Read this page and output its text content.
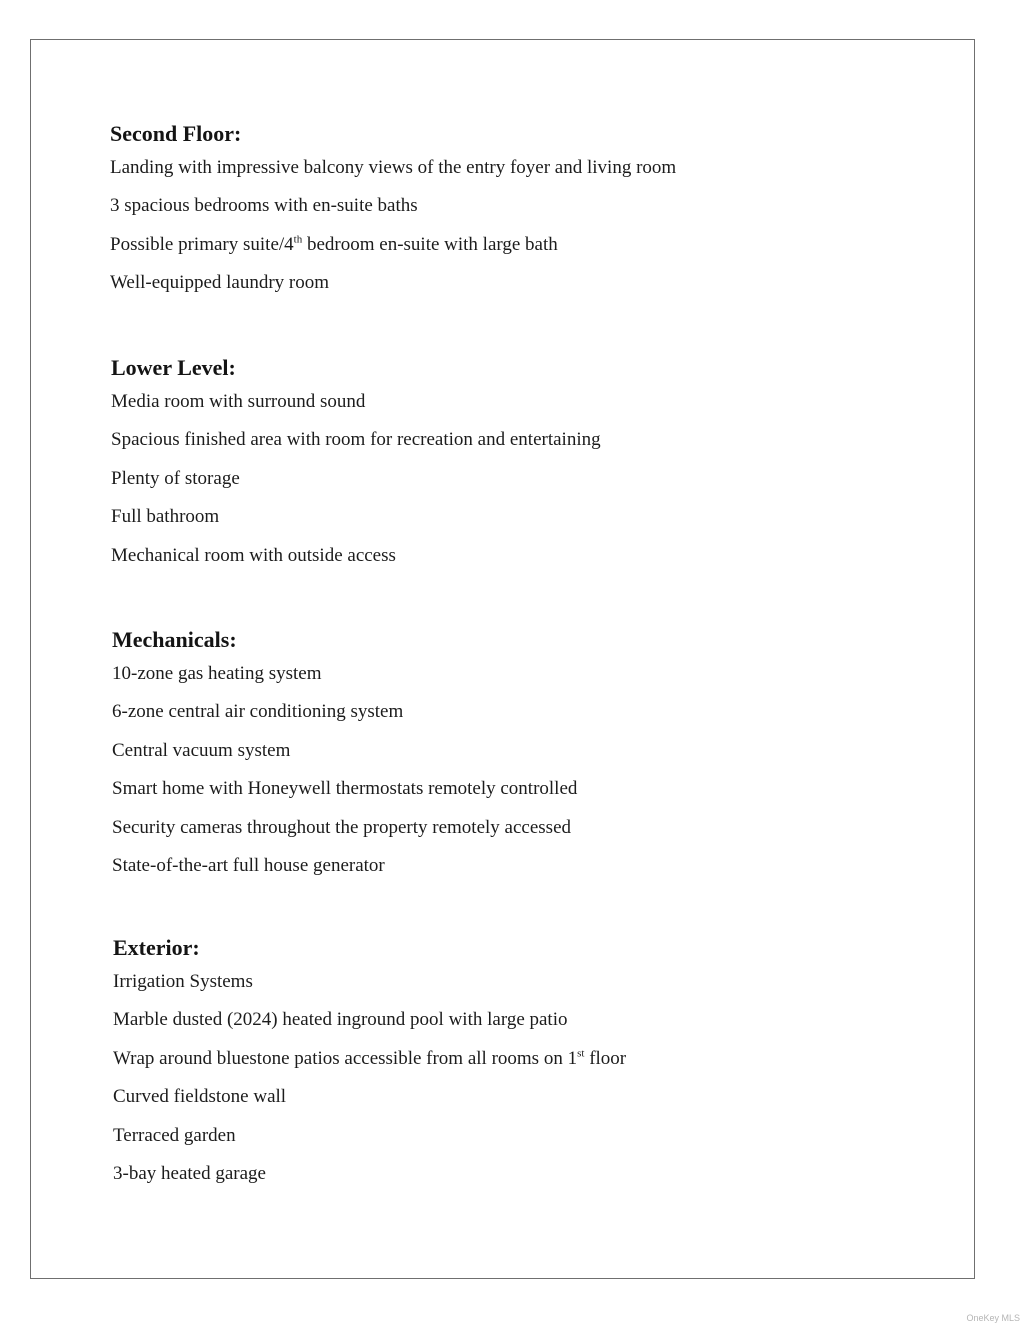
Second Floor:
Landing with impressive balcony views of the entry foyer and living room
3 spacious bedrooms with en-suite baths
Possible primary suite/4th bedroom en-suite with large bath
Well-equipped laundry room
Lower Level:
Media room with surround sound
Spacious finished area with room for recreation and entertaining
Plenty of storage
Full bathroom
Mechanical room with outside access
Mechanicals:
10-zone gas heating system
6-zone central air conditioning system
Central vacuum system
Smart home with Honeywell thermostats remotely controlled
Security cameras throughout the property remotely accessed
State-of-the-art full house generator
Exterior:
Irrigation Systems
Marble dusted (2024) heated inground pool with large patio
Wrap around bluestone patios accessible from all rooms on 1st floor
Curved fieldstone wall
Terraced garden
3-bay heated garage
OneKey MLS
